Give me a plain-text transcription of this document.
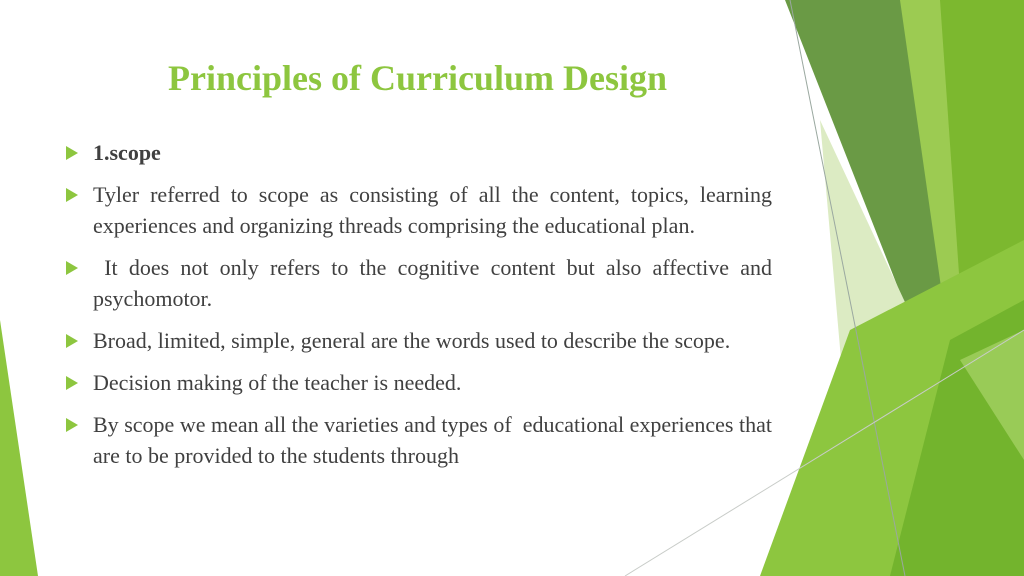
Principles of Curriculum Design
1.scope
Tyler referred to scope as consisting of all the content, topics, learning experiences and organizing threads comprising the educational plan.
It does not only refers to the cognitive content but also affective and psychomotor.
Broad, limited, simple, general are the words used to describe the scope.
Decision making of the teacher is needed.
By scope we mean all the varieties and types of  educational experiences that are to be provided to the students through
